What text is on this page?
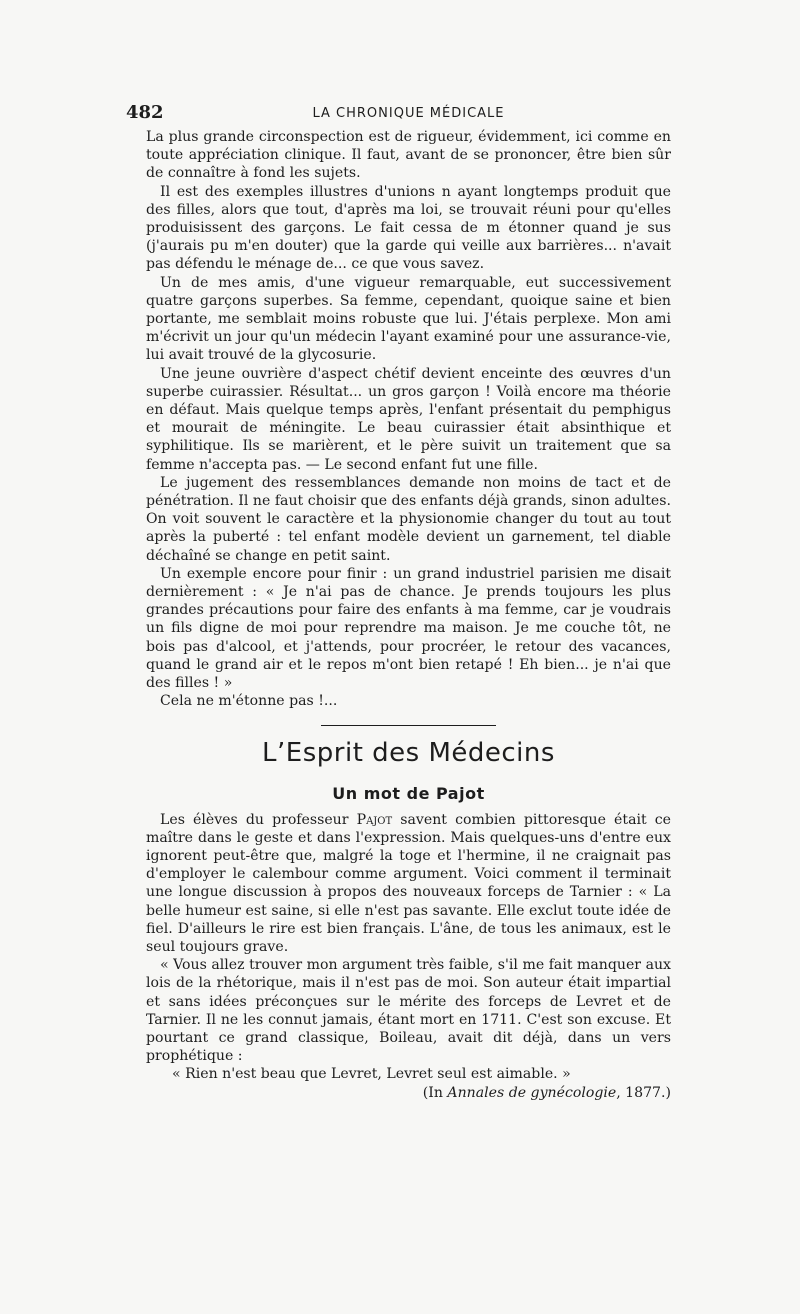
482	LA CHRONIQUE MÉDICALE

La plus grande circonspection est de rigueur, évidemment, ici comme en toute appréciation clinique. Il faut, avant de se prononcer, être bien sûr de connaître à fond les sujets.

Il est des exemples illustres d'unions n ayant longtemps produit que des filles, alors que tout, d'après ma loi, se trouvait réuni pour qu'elles produisissent des garçons. Le fait cessa de m étonner quand je sus (j'aurais pu m'en douter) que la garde qui veille aux barrières... n'avait pas défendu le ménage de... ce que vous savez.

Un de mes amis, d'une vigueur remarquable, eut successivement quatre garçons superbes. Sa femme, cependant, quoique saine et bien portante, me semblait moins robuste que lui. J'étais perplexe. Mon ami m'écrivit un jour qu'un médecin l'ayant examiné pour une assurance-vie, lui avait trouvé de la glycosurie.

Une jeune ouvrière d'aspect chétif devient enceinte des œuvres d'un superbe cuirassier. Résultat... un gros garçon ! Voilà encore ma théorie en défaut. Mais quelque temps après, l'enfant présentait du pemphigus et mourait de méningite. Le beau cuirassier était absinthique et syphilitique. Ils se marièrent, et le père suivit un traitement que sa femme n'accepta pas. — Le second enfant fut une fille.

Le jugement des ressemblances demande non moins de tact et de pénétration. Il ne faut choisir que des enfants déjà grands, sinon adultes. On voit souvent le caractère et la physionomie changer du tout au tout après la puberté : tel enfant modèle devient un garnement, tel diable déchaîné se change en petit saint.

Un exemple encore pour finir : un grand industriel parisien me disait dernièrement : « Je n'ai pas de chance. Je prends toujours les plus grandes précautions pour faire des enfants à ma femme, car je voudrais un fils digne de moi pour reprendre ma maison. Je me couche tôt, ne bois pas d'alcool, et j'attends, pour procréer, le retour des vacances, quand le grand air et le repos m'ont bien retapé ! Eh bien... je n'ai que des filles ! »

Cela ne m'étonne pas !...

L’Esprit des Médecins
Un mot de Pajot

Les élèves du professeur Pajot savent combien pittoresque était ce maître dans le geste et dans l'expression. Mais quelques-uns d'entre eux ignorent peut-être que, malgré la toge et l'hermine, il ne craignait pas d'employer le calembour comme argument. Voici comment il terminait une longue discussion à propos des nouveaux forceps de Tarnier : « La belle humeur est saine, si elle n'est pas savante. Elle exclut toute idée de fiel. D'ailleurs le rire est bien français. L'âne, de tous les animaux, est le seul toujours grave.

« Vous allez trouver mon argument très faible, s'il me fait manquer aux lois de la rhétorique, mais il n'est pas de moi. Son auteur était impartial et sans idées préconçues sur le mérite des forceps de Levret et de Tarnier. Il ne les connut jamais, étant mort en 1711. C'est son excuse. Et pourtant ce grand classique, Boileau, avait dit déjà, dans un vers prophétique :

« Rien n'est beau que Levret, Levret seul est aimable. »

(In Annales de gynécologie, 1877.)
